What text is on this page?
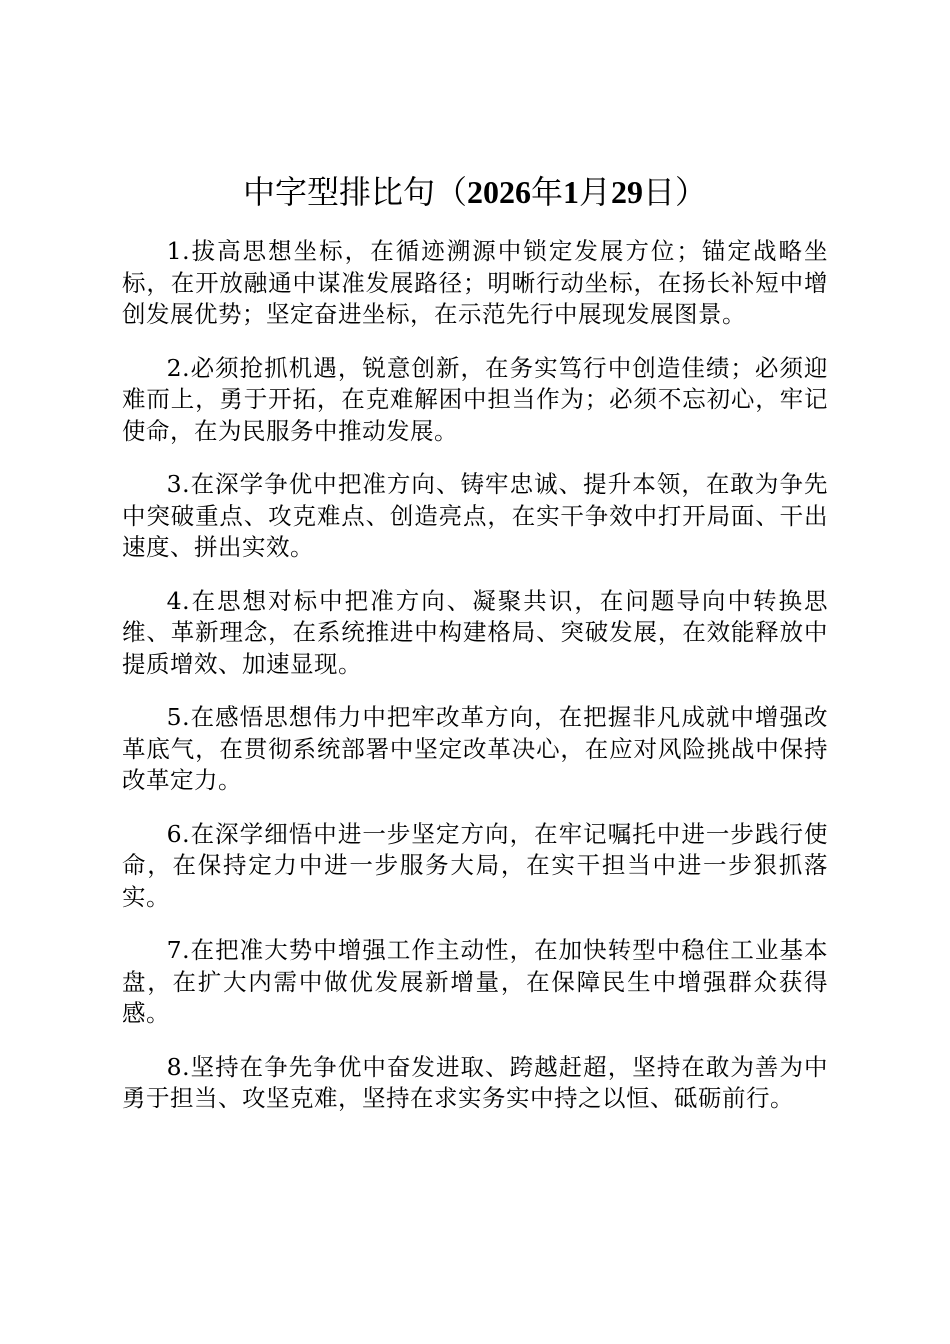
中字型排比句（2026年1月29日）

1.拔高思想坐标，在循迹溯源中锁定发展方位；锚定战略坐标，在开放融通中谋准发展路径；明晰行动坐标，在扬长补短中增创发展优势；坚定奋进坐标，在示范先行中展现发展图景。

2.必须抢抓机遇，锐意创新，在务实笃行中创造佳绩；必须迎难而上，勇于开拓，在克难解困中担当作为；必须不忘初心，牢记使命，在为民服务中推动发展。

3.在深学争优中把准方向、铸牢忠诚、提升本领，在敢为争先中突破重点、攻克难点、创造亮点，在实干争效中打开局面、干出速度、拼出实效。

4.在思想对标中把准方向、凝聚共识，在问题导向中转换思维、革新理念，在系统推进中构建格局、突破发展，在效能释放中提质增效、加速显现。

5.在感悟思想伟力中把牢改革方向，在把握非凡成就中增强改革底气，在贯彻系统部署中坚定改革决心，在应对风险挑战中保持改革定力。

6.在深学细悟中进一步坚定方向，在牢记嘱托中进一步践行使命，在保持定力中进一步服务大局，在实干担当中进一步狠抓落实。

7.在把准大势中增强工作主动性，在加快转型中稳住工业基本盘，在扩大内需中做优发展新增量，在保障民生中增强群众获得感。

8.坚持在争先争优中奋发进取、跨越赶超，坚持在敢为善为中勇于担当、攻坚克难，坚持在求实务实中持之以恒、砥砺前行。
